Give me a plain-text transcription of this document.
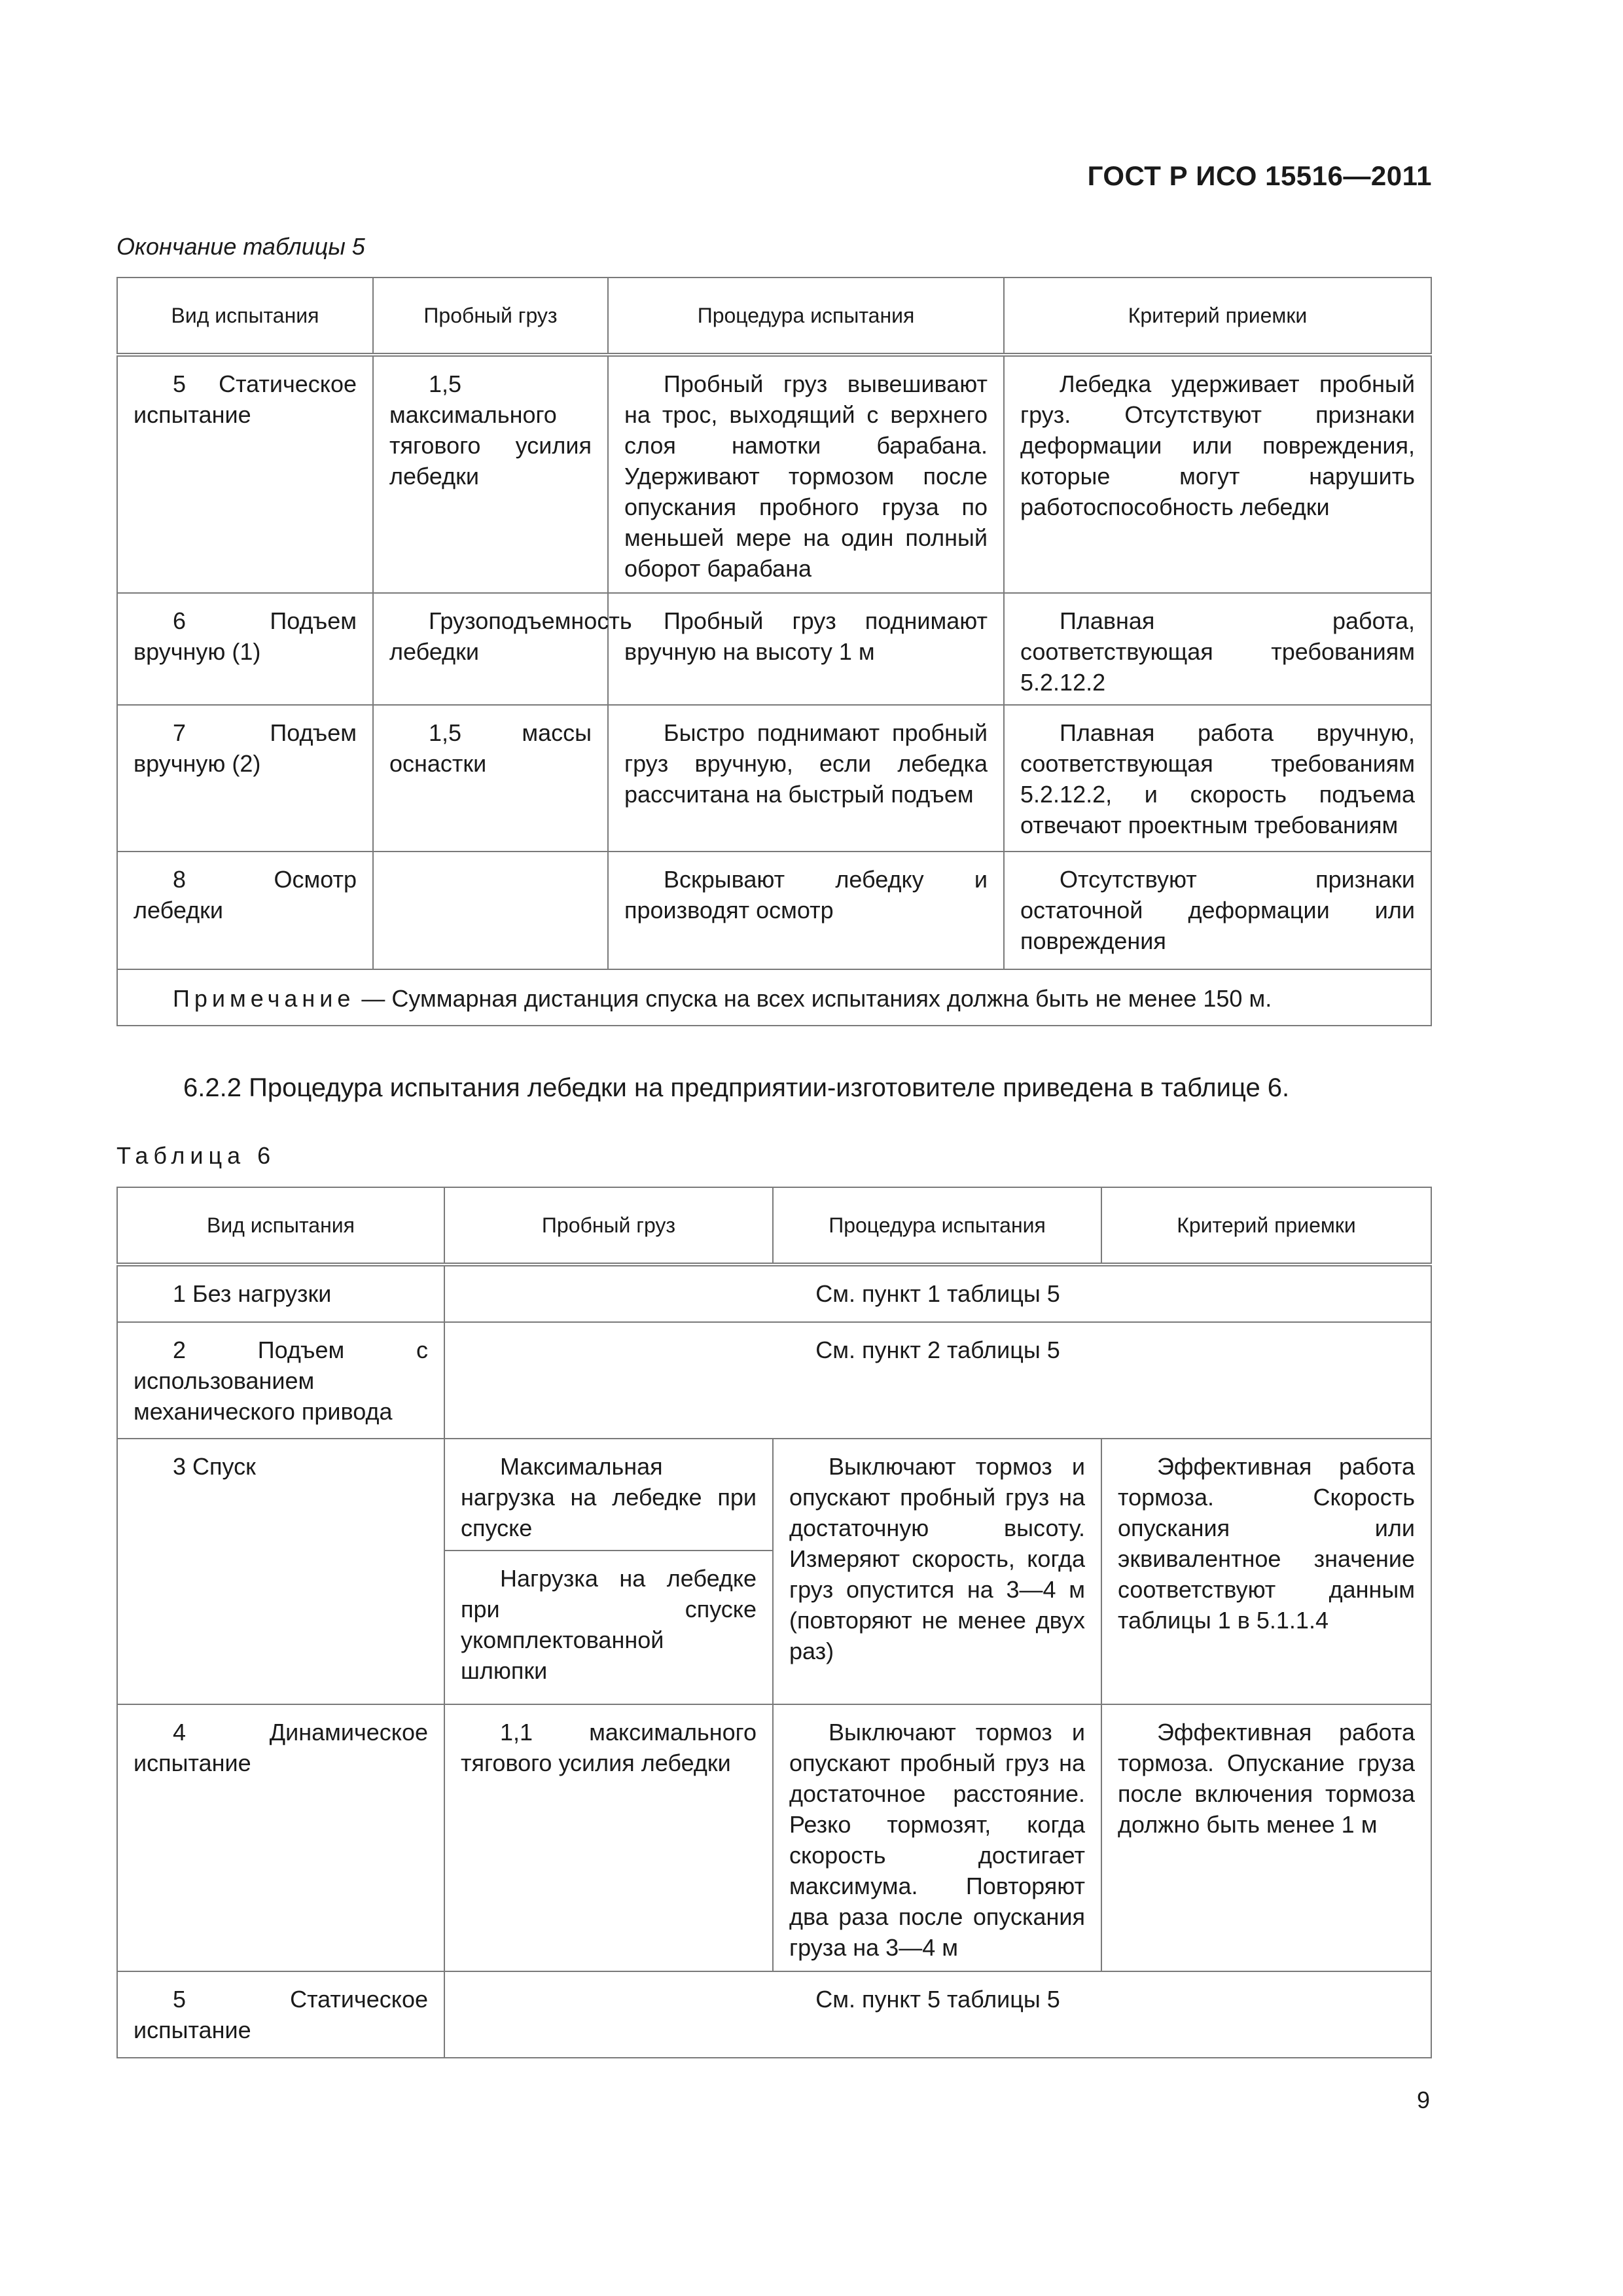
ГОСТ Р ИСО 15516—2011
Окончание таблицы 5
Вид испытания	Пробный груз	Процедура испытания	Критерий приемки
5 Статическое испытание	1,5 максимального тягового усилия лебедки	Пробный груз вывешивают на трос, выходящий с верхнего слоя намотки барабана. Удерживают тормозом после опускания пробного груза по меньшей мере на один полный оборот барабана	Лебедка удерживает пробный груз. Отсутствуют признаки деформации или повреждения, которые могут нарушить работоспособность лебедки
6 Подъем вручную (1)	Грузоподъемность лебедки	Пробный груз поднимают вручную на высоту 1 м	Плавная работа, соответствующая требованиям 5.2.12.2
7 Подъем вручную (2)	1,5 массы оснастки	Быстро поднимают пробный груз вручную, если лебедка рассчитана на быстрый подъем	Плавная работа вручную, соответствующая требованиям 5.2.12.2, и скорость подъема отвечают проектным требованиям
8 Осмотр лебедки		Вскрывают лебедку и производят осмотр	Отсутствуют признаки остаточной деформации или повреждения
Примечание — Суммарная дистанция спуска на всех испытаниях должна быть не менее 150 м.			
6.2.2 Процедура испытания лебедки на предприятии-изготовителе приведена в таблице 6.
Таблица 6
Вид испытания	Пробный груз	Процедура испытания	Критерий приемки
1 Без нагрузки	См. пункт 1 таблицы 5		
2 Подъем с использованием механического привода	См. пункт 2 таблицы 5		
3 Спуск	Максимальная нагрузка на лебедке при спуске	Выключают тормоз и опускают пробный груз на достаточную высоту. Измеряют скорость, когда груз опустится на 3—4 м (повторяют не менее двух раз)	Эффективная работа тормоза. Скорость опускания или эквивалентное значение соответствуют данным таблицы 1 в 5.1.1.4
	Нагрузка на лебедке при спуске укомплектованной шлюпки		
4 Динамическое испытание	1,1 максимального тягового усилия лебедки	Выключают тормоз и опускают пробный груз на достаточное расстояние. Резко тормозят, когда скорость достигает максимума. Повторяют два раза после опускания груза на 3—4 м	Эффективная работа тормоза. Опускание груза после включения тормоза должно быть менее 1 м
5 Статическое испытание	См. пункт 5 таблицы 5		
9
